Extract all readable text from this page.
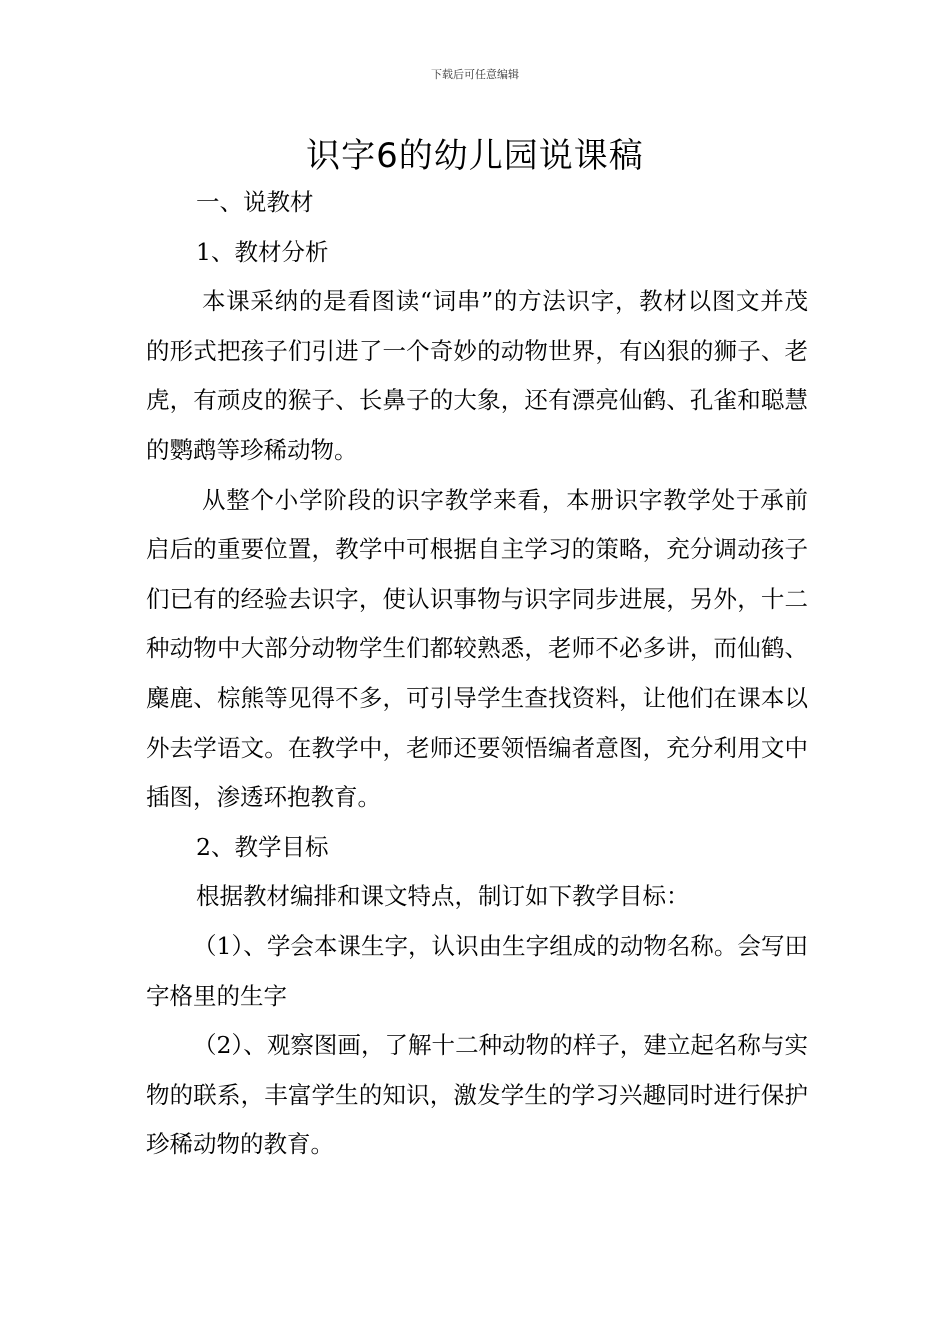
下载后可任意编辑
识字6的幼儿园说课稿

一、说教材

1、教材分析

本课采纳的是看图读“词串”的方法识字，教材以图文并茂的形式把孩子们引进了一个奇妙的动物世界，有凶狠的狮子、老虎，有顽皮的猴子、长鼻子的大象，还有漂亮仙鹤、孔雀和聪慧的鹦鹉等珍稀动物。

从整个小学阶段的识字教学来看，本册识字教学处于承前启后的重要位置，教学中可根据自主学习的策略，充分调动孩子们已有的经验去识字，使认识事物与识字同步进展，另外，十二种动物中大部分动物学生们都较熟悉，老师不必多讲，而仙鹤、麋鹿、棕熊等见得不多，可引导学生查找资料，让他们在课本以外去学语文。在教学中，老师还要领悟编者意图，充分利用文中插图，渗透环抱教育。

2、教学目标

根据教材编排和课文特点，制订如下教学目标：

（1）、学会本课生字，认识由生字组成的动物名称。会写田字格里的生字

（2）、观察图画，了解十二种动物的样子，建立起名称与实物的联系，丰富学生的知识，激发学生的学习兴趣同时进行保护珍稀动物的教育。
